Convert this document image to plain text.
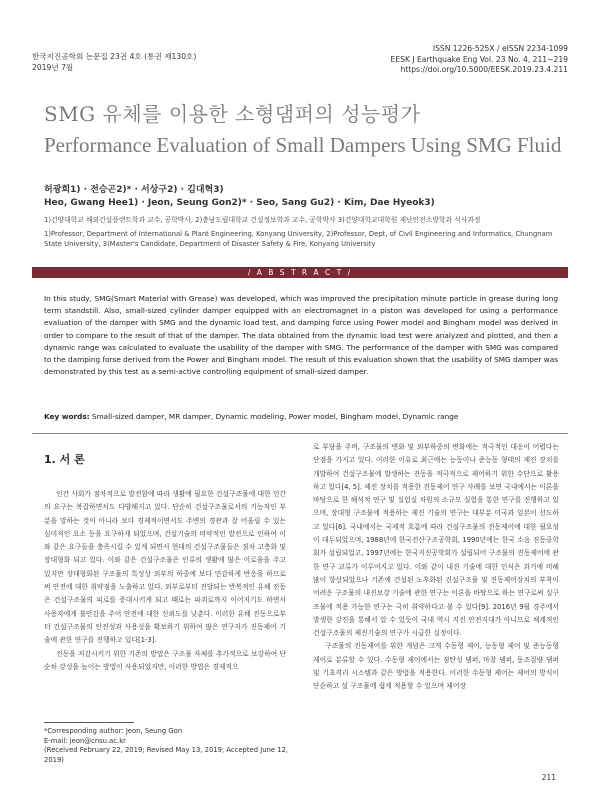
한국지진공학회 논문집 23권 4호 (통권 제130호)
2019년 7월
ISSN 1226-525X / eISSN 2234-1099
EESK J Earthquake Eng Vol. 23 No. 4, 211~219
https://doi.org/10.5000/EESK.2019.23.4.211
SMG 유체를 이용한 소형댐퍼의 성능평가
Performance Evaluation of Small Dampers Using SMG Fluid
허광희1) · 전승곤2)* · 서상구2) · 김대혁3)
Heo, Gwang Hee1) · Jeon, Seung Gon2)* · Seo, Sang Gu2) · Kim, Dae Hyeok3)
1)건양대학교 해외건설플랜트학과 교수, 공학박사, 2)충남도립대학교 건설정보학과 교수, 공학박사 3)건양대학교대학원 재난안전소방학과 석사과정
1)Professor, Department of International & Plant Engineering, Konyang University, 2)Professor, Dept, of Civil Engineering and Informatics, Chungnam State University, 3)Master's Candidate, Department of Disaster Safety & Fire, Konyang University
/ A B S T R A C T /
In this study, SMG(Smart Material with Grease) was developed, which was improved the precipitation minute particle in grease during long term standstill. Also, small-sized cylinder damper equipped with an electromagnet in a piston was developed for using a performance evaluation of the damper with SMG and the dynamic load test, and damping force using Power model and Bingham model was derived in order to compare to the result of that of the damper. The data obtained from the dynamic load test were analyzed and plotted, and then a dynamic range was calculated to evaluate the usability of the damper with SMG. The performance of the damper with SMG was compared to the damping forse derived from the Power and Bingham model. The result of this evaluation shown that the usability of SMG damper was demonstrated by this test as a semi-active controlling equipment of small-sized damper.
Key words: Small-sized damper, MR damper, Dynamic modeling, Power model, Bingham model, Dynamic range
1. 서 론

인간 사회가 점차적으로 발전함에 따라 생활에 필요한 건설구조물에 대한 인간의 요구는 복잡하면서도 다양해지고 있다. 단순히 건설구조물로서의 기능적인 부분을 말하는 것이 아니라 보다 경제적이면서도 주변의 경관과 잘 어울릴 수 있는 심미적인 요소 등을 요구하게 되었으며, 건설기술의 비약적인 발전으로 인하여 이와 같은 요구들을 충족시킬 수 있게 되면서 현대의 건설구조물들은 점차 고층화 및 장대형화 되고 있다. 이와 같은 건설구조물은 인류의 생활에 많은 이로움을 주고 있지만 장대형화된 구조물의 특성상 외부의 하중에 보다 민감하게 반응을 하므로써 안전에 대한 취약점을 노출하고 있다. 외부로부터 전달되는 반복적인 유해 진동은 건설구조물의 피로를 증대시키게 되고 때로는 파괴로까지 이어지기도 하면서 사용자에게 불안감을 주어 안전에 대한 신뢰도를 낮춘다. 이러한 유해 진동으로부터 건설구조물의 안전성과 사용성을 확보하기 위하여 많은 연구자가 진동제어 기술에 관한 연구를 진행하고 있다[1-3].

진동을 저감시키기 위한 기존의 방법은 구조물 자체를 추가적으로 보강하여 단순히 강성을 높이는 방법이 사용되었지만, 이러한 방법은 경제적으

로 부담을 주며, 구조물의 변화 및 외부하중의 변화에는 적극적인 대응이 어렵다는 단점을 가지고 있다. 이러한 이유로 최근에는 능동이나 준능동 형태의 제진 장치를 개발하여 건설구조물에 발생하는 진동을 적극적으로 제어하기 위한 수단으로 활용하고 있다[4, 5]. 제진 장치를 적용한 진동제어 연구 사례를 보면 국내에서는 이론을 바탕으로 한 해석적 연구 및 실험실 차원의 소규모 실험을 통한 연구를 진행하고 있으며, 장대형 구조물에 적용하는 제진 기술의 연구는 대부분 미국과 일본이 선도하고 있다[6]. 국내에서는 국제적 흐름에 따라 건설구조물의 진동제어에 대한 필요성이 대두되었으며, 1988년에 한국전산구조공학회, 1990년에는 한국 소음 진동공학회가 설립되었고, 1997년에는 한국지진공학회가 설립되어 구조물의 진동제어에 관한 연구 교류가 이루어지고 있다. 이와 같이 내진 기술에 대한 인식은 과거에 비해 많이 향상되었으나 기존에 건설된 노후화된 건설구조물 및 진동제어장치의 부착이 어려운 구조물의 내진보강 기술에 관한 연구는 이론을 바탕으로 하는 연구로써 실구조물에 적용 가능한 연구는 극히 취약하다고 볼 수 있다[9]. 2016년 9월 경주에서 발생한 강진을 통해서 알 수 있듯이 국내 역시 지진 안전지대가 아니므로 체계적인 건설구조물의 제진기술의 연구가 시급한 실정이다.

구조물의 진동제어를 위한 개념은 크게 수동형 제어, 능동형 제어 및 준능동형 제어로 분류할 수 있다. 수동형 제어에서는 점탄성 댐퍼, 마찰 댐퍼, 동조질량 댐퍼 및 기초격리 시스템과 같은 방법을 적용한다. 이러한 수동형 제어는 제어의 방식이 단순하고 설 구조물에 쉽게 적용할 수 있으며 제어장

*Corresponding author: Jeon, Seung Gon
E-mail: jeon@cnsu.ac.kr
(Received February 22, 2019; Revised May 13, 2019; Accepted June 12, 2019)
211
